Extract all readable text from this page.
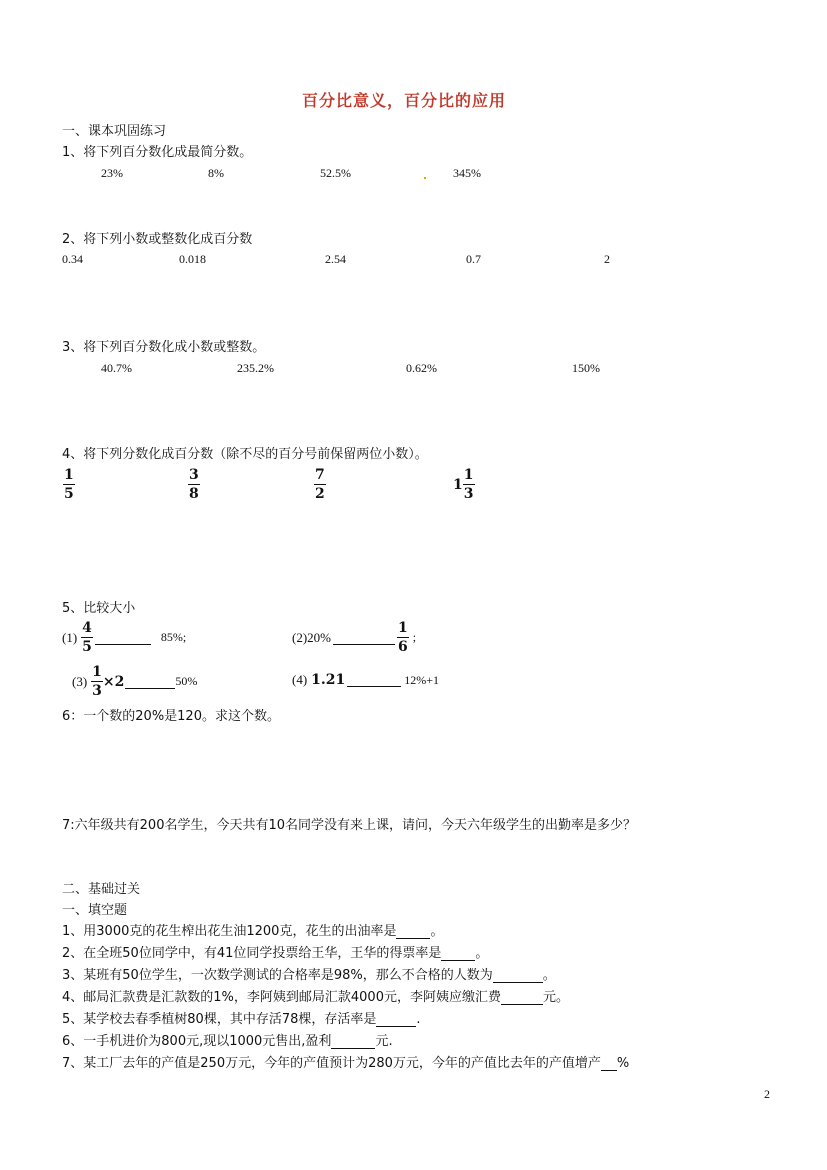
百分比意义，百分比的应用
一、课本巩固练习
1、将下列百分数化成最简分数。
23%	8%	52.5%	345%
2、将下列小数或整数化成百分数
0.34	0.018	2.54	0.7	2
3、将下列百分数化成小数或整数。
40.7%	235.2%	0.62%	150%
4、将下列分数化成百分数（除不尽的百分号前保留两位小数）。
$\frac{1}{5}$	$\frac{3}{8}$	$\frac{7}{2}$	$1 \frac{1}{3}$
5、比较大小
$(1) \frac{4}{5}$	85%;	(2)20%	$\frac{1}{6}$ ;
$(3) \frac{1}{3} \times 2$	50%	(4) 1.21	12%+1
6：一个数的20%是120。求这个数。
7:六年级共有200名学生，今天共有10名同学没有来上课，请问，今天六年级学生的出勤率是多少？
二、基础过关
一、填空题
1、用3000克的花生榨出花生油1200克，花生的出油率是	。
2、在全班50位同学中，有41位同学投票给王华，王华的得票率是	。
3、某班有50位学生，一次数学测试的合格率是98%，那么不合格的人数为	。
4、邮局汇款费是汇款数的1%，李阿姨到邮局汇款4000元，李阿姨应缴汇费	元。
5、某学校去春季植树80棵，其中存活78棵，存活率是	.
6、一手机进价为800元,现以1000元售出,盈利	元.
7、某工厂去年的产值是250万元，今年的产值预计为280万元，今年的产值比去年的产值增产 %
2
